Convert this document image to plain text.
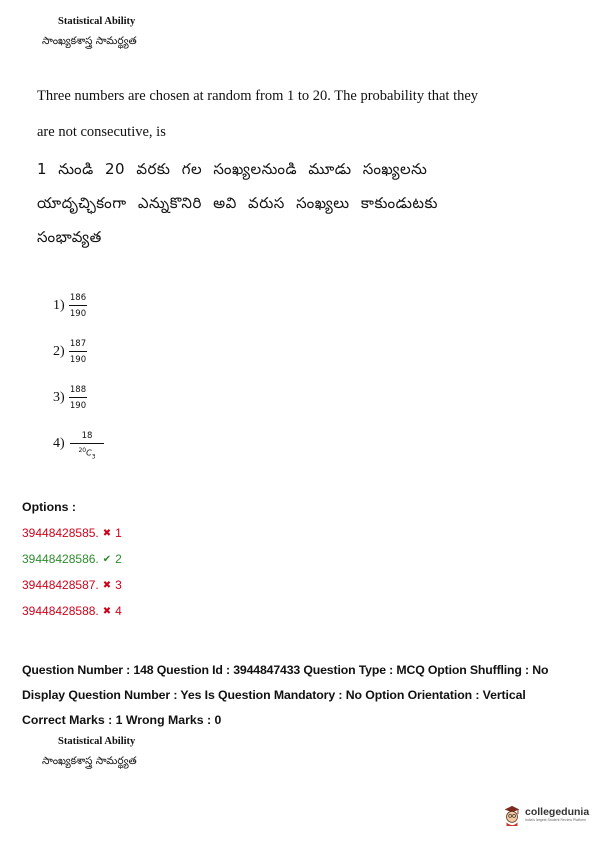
Statistical Ability
సాంఖ్యకశాస్త్ర సామర్థ్యత
Three numbers are chosen at random from 1 to 20. The probability that they
are not consecutive, is
1 నుండి 20 వరకు గల సంఖ్యలనుండి మూడు సంఖ్యలను
యాదృచ్ఛికంగా ఎన్నుకొనిరి అవి వరుస సంఖ్యలు కాకుండుటకు
సంభావ్యత
1) 186
190
2) 187
190
3) 188
190
4) 18
$^{20}C_3$
Options :
39448428585. ✖ 1
39448428586. ✔ 2
39448428587. ✖ 3
39448428588. ✖ 4
Question Number : 148 Question Id : 3944847433 Question Type : MCQ Option Shuffling : No
Display Question Number : Yes Is Question Mandatory : No Option Orientation : Vertical
Correct Marks : 1 Wrong Marks : 0
Statistical Ability
సాంఖ్యకశాస్త్ర సామర్థ్యత
collegedunia
India's largest Student Review Platform
